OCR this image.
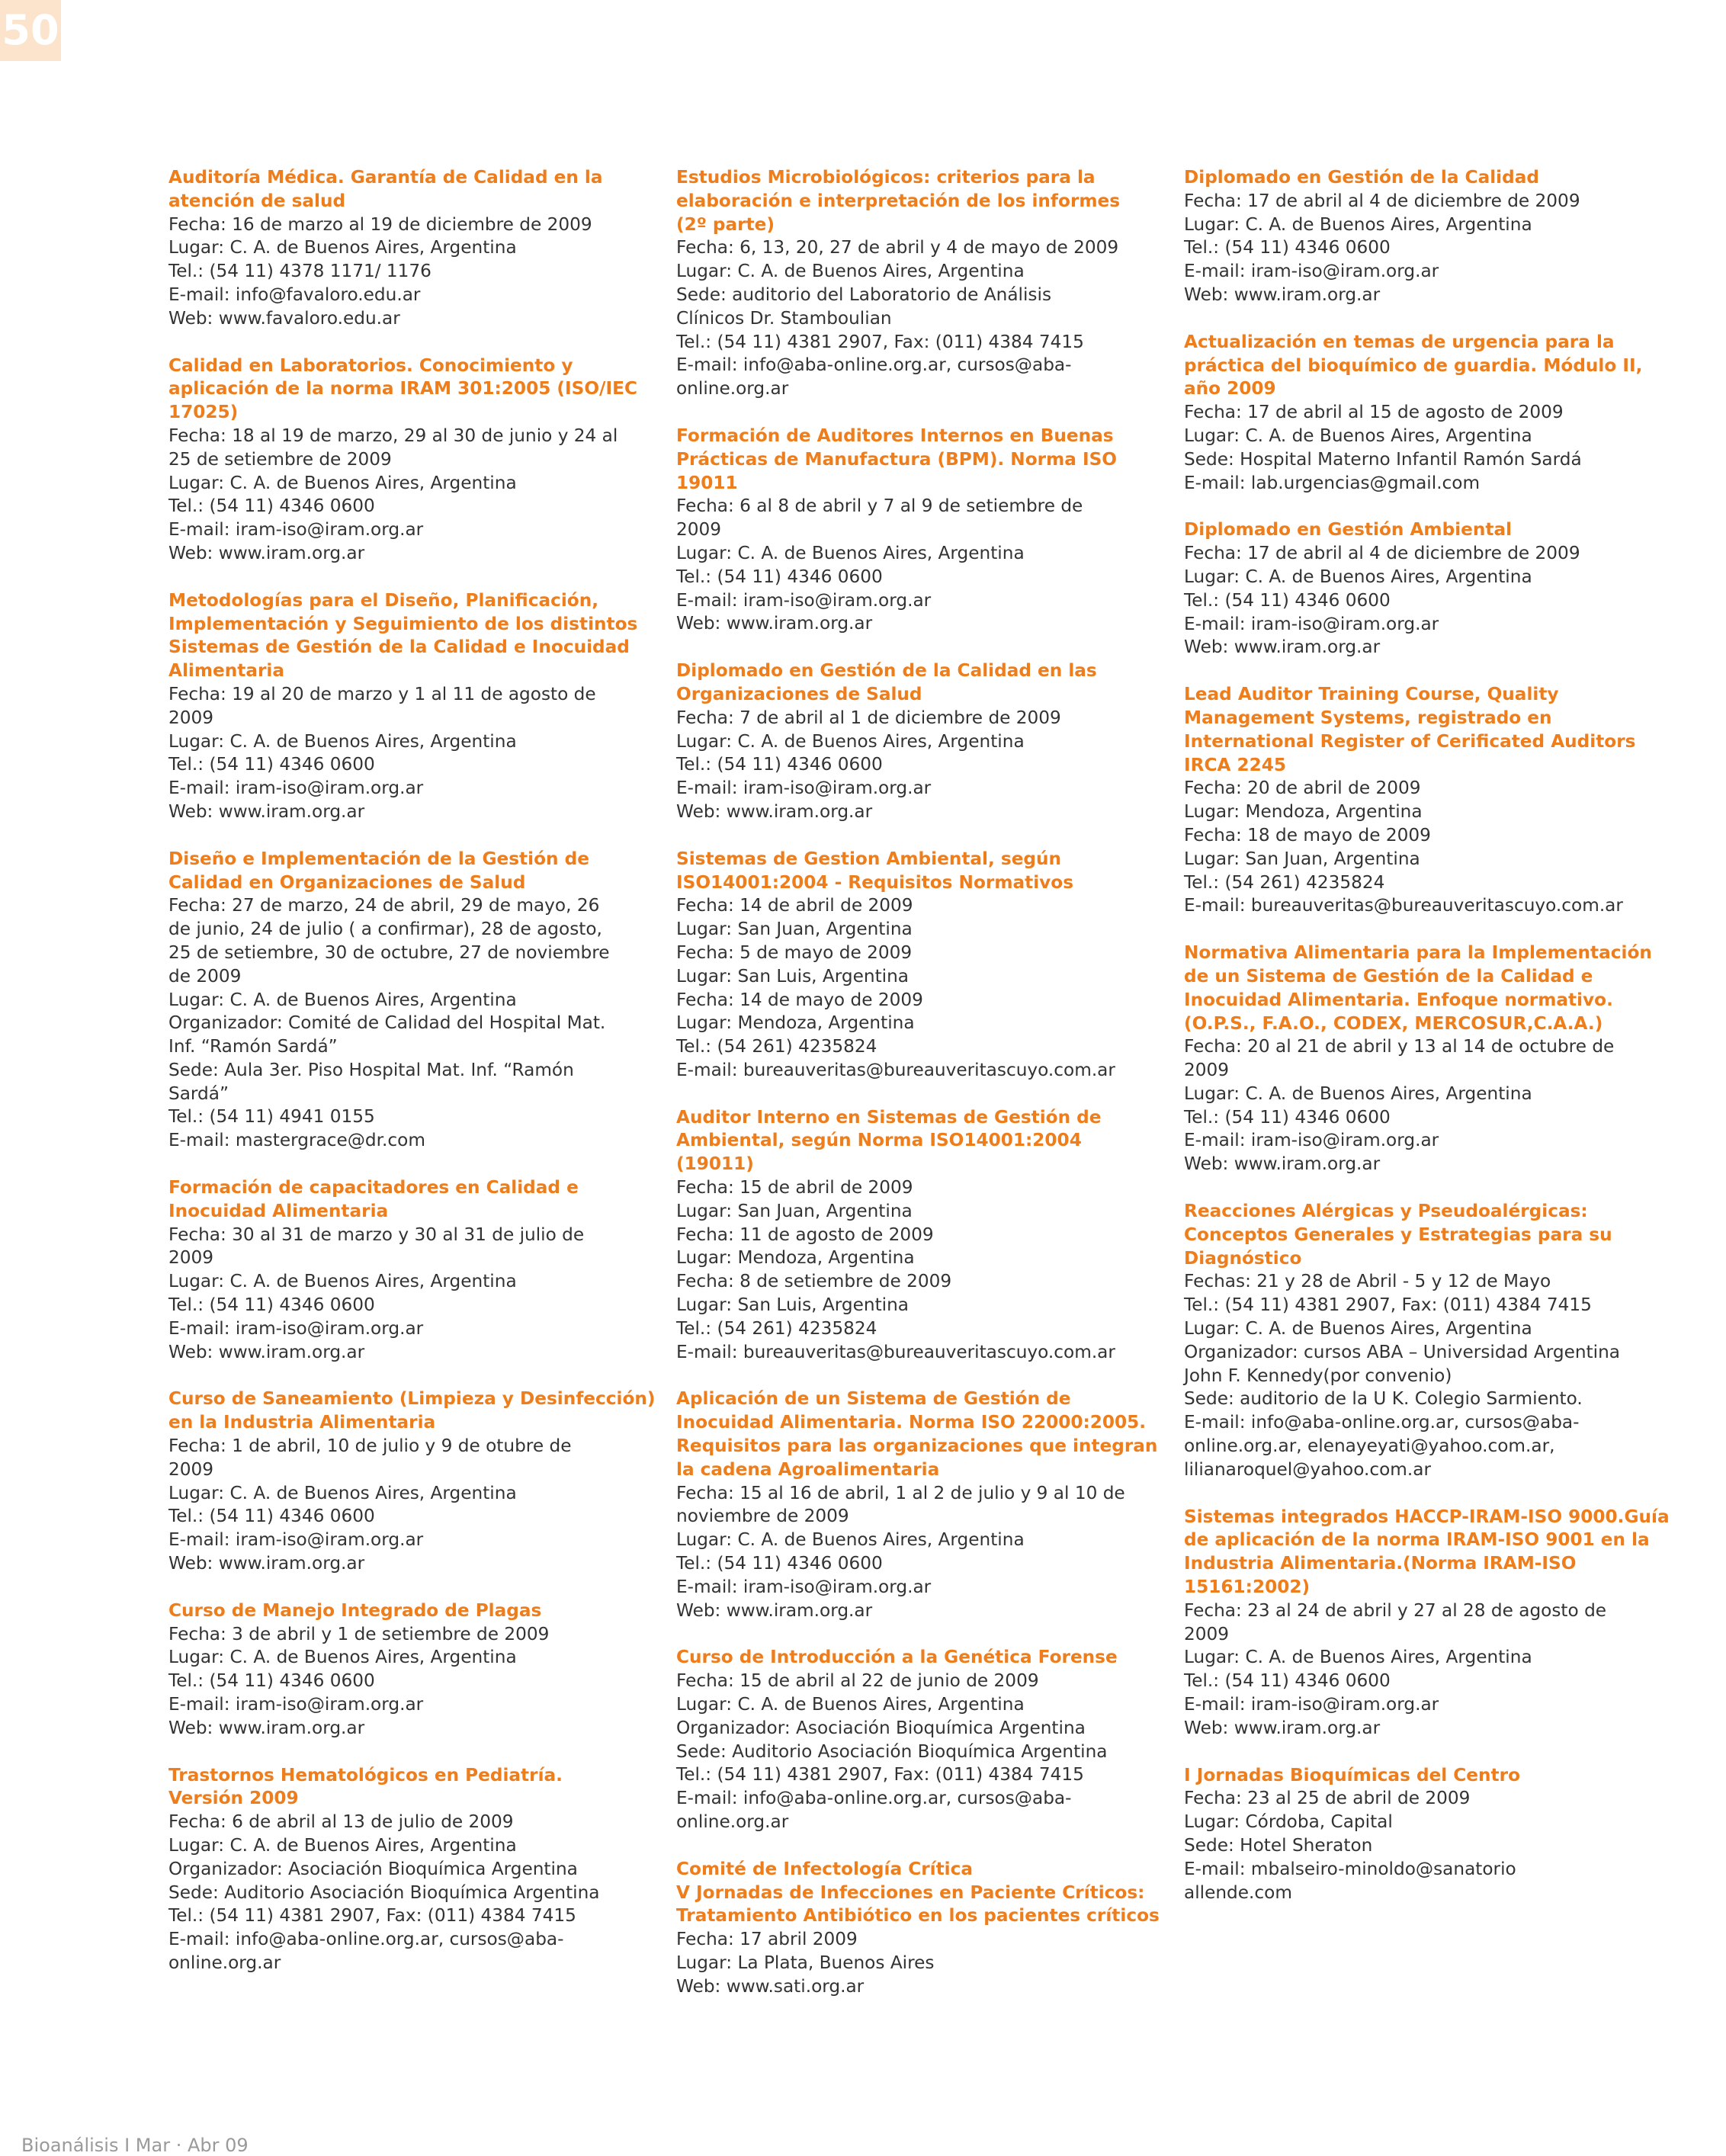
50
Auditoría Médica. Garantía de Calidad en la
atención de salud
Fecha: 16 de marzo al 19 de diciembre de 2009
Lugar: C. A. de Buenos Aires, Argentina
Tel.: (54 11) 4378 1171/ 1176
E-mail: info@favaloro.edu.ar
Web: www.favaloro.edu.ar
Calidad en Laboratorios. Conocimiento y
aplicación de la norma IRAM 301:2005 (ISO/IEC
17025)
Fecha: 18 al 19 de marzo, 29 al 30 de junio y 24 al
25 de setiembre de 2009
Lugar: C. A. de Buenos Aires, Argentina
Tel.: (54 11) 4346 0600
E-mail: iram-iso@iram.org.ar
Web: www.iram.org.ar
Metodologías para el Diseño, Planificación,
Implementación y Seguimiento de los distintos
Sistemas de Gestión de la Calidad e Inocuidad
Alimentaria
Fecha: 19 al 20 de marzo y 1 al 11 de agosto de
2009
Lugar: C. A. de Buenos Aires, Argentina
Tel.: (54 11) 4346 0600
E-mail: iram-iso@iram.org.ar
Web: www.iram.org.ar
Diseño e Implementación de la Gestión de
Calidad en Organizaciones de Salud
Fecha: 27 de marzo, 24 de abril, 29 de mayo, 26
de junio, 24 de julio ( a confirmar), 28 de agosto,
25 de setiembre, 30 de octubre, 27 de noviembre
de 2009
Lugar: C. A. de Buenos Aires, Argentina
Organizador: Comité de Calidad del Hospital Mat.
Inf. “Ramón Sardá”
Sede: Aula 3er. Piso Hospital Mat. Inf. “Ramón
Sardá”
Tel.: (54 11) 4941 0155
E-mail: mastergrace@dr.com
Formación de capacitadores en Calidad e
Inocuidad Alimentaria
Fecha: 30 al 31 de marzo y 30 al 31 de julio de
2009
Lugar: C. A. de Buenos Aires, Argentina
Tel.: (54 11) 4346 0600
E-mail: iram-iso@iram.org.ar
Web: www.iram.org.ar
Curso de Saneamiento (Limpieza y Desinfección)
en la Industria Alimentaria
Fecha: 1 de abril, 10 de julio y 9 de otubre de
2009
Lugar: C. A. de Buenos Aires, Argentina
Tel.: (54 11) 4346 0600
E-mail: iram-iso@iram.org.ar
Web: www.iram.org.ar
Curso de Manejo Integrado de Plagas
Fecha: 3 de abril y 1 de setiembre de 2009
Lugar: C. A. de Buenos Aires, Argentina
Tel.: (54 11) 4346 0600
E-mail: iram-iso@iram.org.ar
Web: www.iram.org.ar
Trastornos Hematológicos en Pediatría.
Versión 2009
Fecha: 6 de abril al 13 de julio de 2009
Lugar: C. A. de Buenos Aires, Argentina
Organizador: Asociación Bioquímica Argentina
Sede: Auditorio Asociación Bioquímica Argentina
Tel.: (54 11) 4381 2907, Fax: (011) 4384 7415
E-mail: info@aba-online.org.ar, cursos@aba-
online.org.ar
Estudios Microbiológicos: criterios para la
elaboración e interpretación de los informes
(2º parte)
Fecha: 6, 13, 20, 27 de abril y 4 de mayo de 2009
Lugar: C. A. de Buenos Aires, Argentina
Sede: auditorio del Laboratorio de Análisis
Clínicos Dr. Stamboulian
Tel.: (54 11) 4381 2907, Fax: (011) 4384 7415
E-mail: info@aba-online.org.ar, cursos@aba-
online.org.ar
Formación de Auditores Internos en Buenas
Prácticas de Manufactura (BPM). Norma ISO
19011
Fecha: 6 al 8 de abril y 7 al 9 de setiembre de
2009
Lugar: C. A. de Buenos Aires, Argentina
Tel.: (54 11) 4346 0600
E-mail: iram-iso@iram.org.ar
Web: www.iram.org.ar
Diplomado en Gestión de la Calidad en las
Organizaciones de Salud
Fecha: 7 de abril al 1 de diciembre de 2009
Lugar: C. A. de Buenos Aires, Argentina
Tel.: (54 11) 4346 0600
E-mail: iram-iso@iram.org.ar
Web: www.iram.org.ar
Sistemas de Gestion Ambiental, según
ISO14001:2004 - Requisitos Normativos
Fecha: 14 de abril de 2009
Lugar: San Juan, Argentina
Fecha: 5 de mayo de 2009
Lugar: San Luis, Argentina
Fecha: 14 de mayo de 2009
Lugar: Mendoza, Argentina
Tel.: (54 261) 4235824
E-mail: bureauveritas@bureauveritascuyo.com.ar
Auditor Interno en Sistemas de Gestión de
Ambiental, según Norma ISO14001:2004
(19011)
Fecha: 15 de abril de 2009
Lugar: San Juan, Argentina
Fecha: 11 de agosto de 2009
Lugar: Mendoza, Argentina
Fecha: 8 de setiembre de 2009
Lugar: San Luis, Argentina
Tel.: (54 261) 4235824
E-mail: bureauveritas@bureauveritascuyo.com.ar
Aplicación de un Sistema de Gestión de
Inocuidad Alimentaria. Norma ISO 22000:2005.
Requisitos para las organizaciones que integran
la cadena Agroalimentaria
Fecha: 15 al 16 de abril, 1 al 2 de julio y 9 al 10 de
noviembre de 2009
Lugar: C. A. de Buenos Aires, Argentina
Tel.: (54 11) 4346 0600
E-mail: iram-iso@iram.org.ar
Web: www.iram.org.ar
Curso de Introducción a la Genética Forense
Fecha: 15 de abril al 22 de junio de 2009
Lugar: C. A. de Buenos Aires, Argentina
Organizador: Asociación Bioquímica Argentina
Sede: Auditorio Asociación Bioquímica Argentina
Tel.: (54 11) 4381 2907, Fax: (011) 4384 7415
E-mail: info@aba-online.org.ar, cursos@aba-
online.org.ar
Comité de Infectología Crítica
V Jornadas de Infecciones en Paciente Críticos:
Tratamiento Antibiótico en los pacientes críticos
Fecha: 17 abril 2009
Lugar: La Plata, Buenos Aires
Web: www.sati.org.ar
Diplomado en Gestión de la Calidad
Fecha: 17 de abril al 4 de diciembre de 2009
Lugar: C. A. de Buenos Aires, Argentina
Tel.: (54 11) 4346 0600
E-mail: iram-iso@iram.org.ar
Web: www.iram.org.ar
Actualización en temas de urgencia para la
práctica del bioquímico de guardia. Módulo II,
año 2009
Fecha: 17 de abril al 15 de agosto de 2009
Lugar: C. A. de Buenos Aires, Argentina
Sede: Hospital Materno Infantil Ramón Sardá
E-mail: lab.urgencias@gmail.com
Diplomado en Gestión Ambiental
Fecha: 17 de abril al 4 de diciembre de 2009
Lugar: C. A. de Buenos Aires, Argentina
Tel.: (54 11) 4346 0600
E-mail: iram-iso@iram.org.ar
Web: www.iram.org.ar
Lead Auditor Training Course, Quality
Management Systems, registrado en
International Register of Cerificated Auditors
IRCA 2245
Fecha: 20 de abril de 2009
Lugar: Mendoza, Argentina
Fecha: 18 de mayo de 2009
Lugar: San Juan, Argentina
Tel.: (54 261) 4235824
E-mail: bureauveritas@bureauveritascuyo.com.ar
Normativa Alimentaria para la Implementación
de un Sistema de Gestión de la Calidad e
Inocuidad Alimentaria. Enfoque normativo.
(O.P.S., F.A.O., CODEX, MERCOSUR,C.A.A.)
Fecha: 20 al 21 de abril y 13 al 14 de octubre de
2009
Lugar: C. A. de Buenos Aires, Argentina
Tel.: (54 11) 4346 0600
E-mail: iram-iso@iram.org.ar
Web: www.iram.org.ar
Reacciones Alérgicas y Pseudoalérgicas:
Conceptos Generales y Estrategias para su
Diagnóstico
Fechas: 21 y 28 de Abril - 5 y 12 de Mayo
Tel.: (54 11) 4381 2907, Fax: (011) 4384 7415
Lugar: C. A. de Buenos Aires, Argentina
Organizador: cursos ABA – Universidad Argentina
John F. Kennedy(por convenio)
Sede: auditorio de la U K. Colegio Sarmiento.
E-mail: info@aba-online.org.ar, cursos@aba-
online.org.ar, elenayeyati@yahoo.com.ar,
lilianaroquel@yahoo.com.ar
Sistemas integrados HACCP-IRAM-ISO 9000.Guía
de aplicación de la norma IRAM-ISO 9001 en la
Industria Alimentaria.(Norma IRAM-ISO
15161:2002)
Fecha: 23 al 24 de abril y 27 al 28 de agosto de
2009
Lugar: C. A. de Buenos Aires, Argentina
Tel.: (54 11) 4346 0600
E-mail: iram-iso@iram.org.ar
Web: www.iram.org.ar
I Jornadas Bioquímicas del Centro
Fecha: 23 al 25 de abril de 2009
Lugar: Córdoba, Capital
Sede: Hotel Sheraton
E-mail: mbalseiro-minoldo@sanatorio
allende.com
Bioanálisis I Mar · Abr 09
